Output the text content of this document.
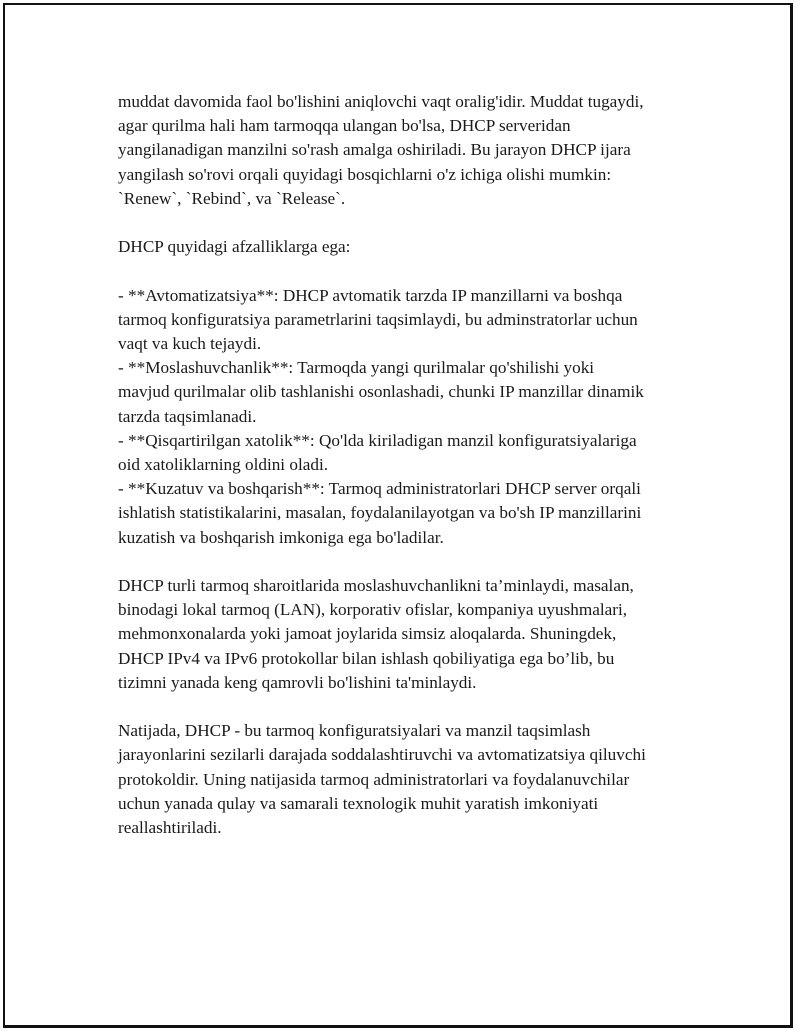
muddat davomida faol bo'lishini aniqlovchi vaqt oralig'idir. Muddat tugaydi,
agar qurilma hali ham tarmoqqa ulangan bo'lsa, DHCP serveridan
yangilanadigan manzilni so'rash amalga oshiriladi. Bu jarayon DHCP ijara
yangilash so'rovi orqali quyidagi bosqichlarni o'z ichiga olishi mumkin:
`Renew`, `Rebind`, va `Release`.

DHCP quyidagi afzalliklarga ega:

- **Avtomatizatsiya**: DHCP avtomatik tarzda IP manzillarni va boshqa
tarmoq konfiguratsiya parametrlarini taqsimlaydi, bu adminstratorlar uchun
vaqt va kuch tejaydi.

- **Moslashuvchanlik**: Tarmoqda yangi qurilmalar qo'shilishi yoki
mavjud qurilmalar olib tashlanishi osonlashadi, chunki IP manzillar dinamik
tarzda taqsimlanadi.

- **Qisqartirilgan xatolik**: Qo'lda kiriladigan manzil konfiguratsiyalariga
oid xatoliklarning oldini oladi.

- **Kuzatuv va boshqarish**: Tarmoq administratorlari DHCP server orqali
ishlatish statistikalarini, masalan, foydalanilayotgan va bo'sh IP manzillarini
kuzatish va boshqarish imkoniga ega bo'ladilar.

DHCP turli tarmoq sharoitlarida moslashuvchanlikni ta’minlaydi, masalan,
binodagi lokal tarmoq (LAN), korporativ ofislar, kompaniya uyushmalari,
mehmonxonalarda yoki jamoat joylarida simsiz aloqalarda. Shuningdek,
DHCP IPv4 va IPv6 protokollar bilan ishlash qobiliyatiga ega bo’lib, bu
tizimni yanada keng qamrovli bo'lishini ta'minlaydi.

Natijada, DHCP - bu tarmoq konfiguratsiyalari va manzil taqsimlash
jarayonlarini sezilarli darajada soddalashtiruvchi va avtomatizatsiya qiluvchi
protokoldir. Uning natijasida tarmoq administratorlari va foydalanuvchilar
uchun yanada qulay va samarali texnologik muhit yaratish imkoniyati
reallashtiriladi.
